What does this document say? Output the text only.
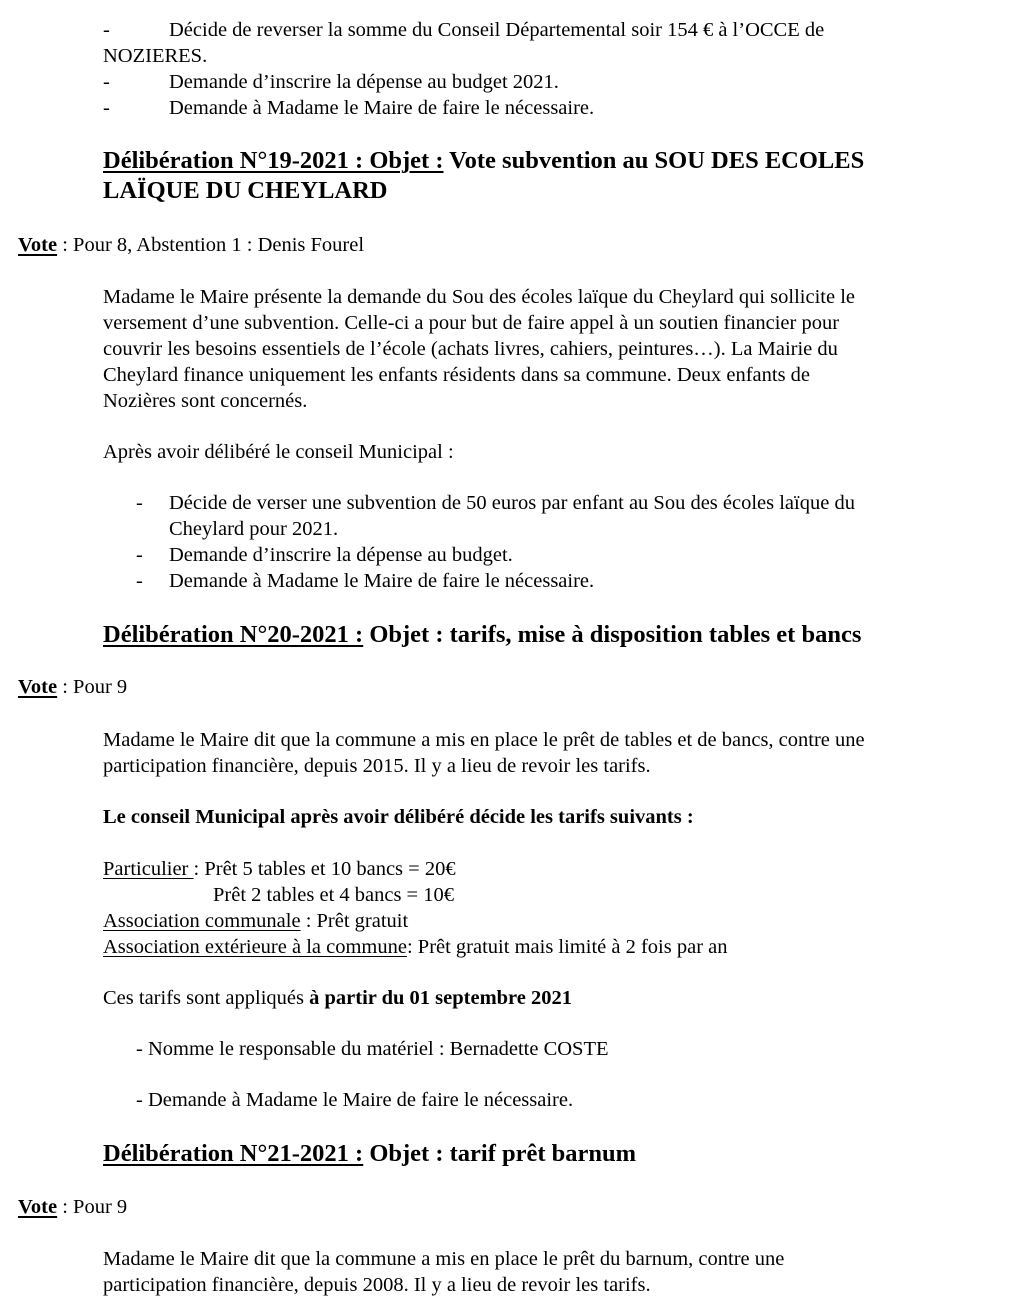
-	Décide de reverser la somme du Conseil Départemental soir 154 € à l’OCCE de
NOZIERES.
-	Demande d’inscrire la dépense au budget 2021.
-	Demande à Madame le Maire de faire le nécessaire.
Délibération N°19-2021 : Objet : Vote subvention au SOU DES ECOLES
LAÏQUE DU CHEYLARD
Vote : Pour 8, Abstention 1 : Denis Fourel
Madame le Maire présente la demande du Sou des écoles laïque du Cheylard qui sollicite le
versement d’une subvention. Celle-ci a pour but de faire appel à un soutien financier pour
couvrir les besoins essentiels de l’école (achats livres, cahiers, peintures…). La Mairie du
Cheylard finance uniquement les enfants résidents dans sa commune. Deux enfants de
Nozières sont concernés.
Après avoir délibéré le conseil Municipal :
- Décide de verser une subvention de 50 euros par enfant au Sou des écoles laïque du
Cheylard pour 2021.
- Demande d’inscrire la dépense au budget.
- Demande à Madame le Maire de faire le nécessaire.
Délibération N°20-2021 : Objet : tarifs, mise à disposition tables et bancs
Vote : Pour 9
Madame le Maire dit que la commune a mis en place le prêt de tables et de bancs, contre une
participation financière, depuis 2015. Il y a lieu de revoir les tarifs.
Le conseil Municipal après avoir délibéré décide les tarifs suivants :
Particulier : Prêt 5 tables et 10 bancs = 20€
Prêt 2 tables et 4 bancs = 10€
Association communale : Prêt gratuit
Association extérieure à la commune: Prêt gratuit mais limité à 2 fois par an
Ces tarifs sont appliqués à partir du 01 septembre 2021
- Nomme le responsable du matériel : Bernadette COSTE
- Demande à Madame le Maire de faire le nécessaire.
Délibération N°21-2021 : Objet : tarif prêt barnum
Vote : Pour 9
Madame le Maire dit que la commune a mis en place le prêt du barnum, contre une
participation financière, depuis 2008. Il y a lieu de revoir les tarifs.
